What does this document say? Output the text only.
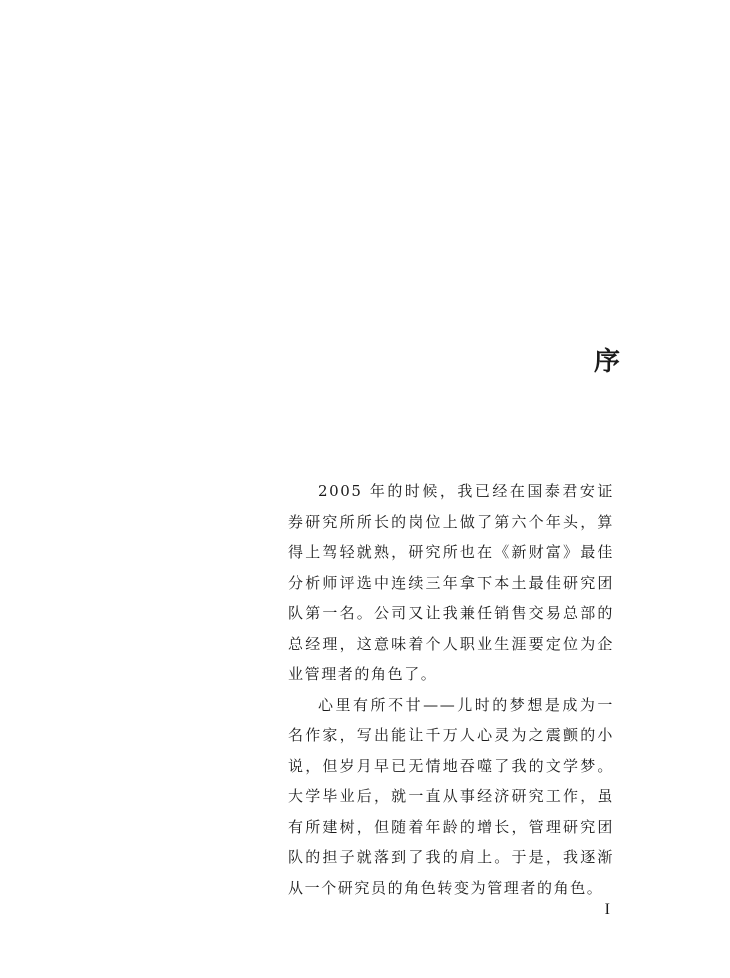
序

2005 年的时候，我已经在国泰君安证券研究所所长的岗位上做了第六个年头，算得上驾轻就熟，研究所也在《新财富》最佳分析师评选中连续三年拿下本土最佳研究团队第一名。公司又让我兼任销售交易总部的总经理，这意味着个人职业生涯要定位为企业管理者的角色了。

心里有所不甘——儿时的梦想是成为一名作家，写出能让千万人心灵为之震颤的小说，但岁月早已无情地吞噬了我的文学梦。大学毕业后，就一直从事经济研究工作，虽有所建树，但随着年龄的增长，管理研究团队的担子就落到了我的肩上。于是，我逐渐从一个研究员的角色转变为管理者的角色。

I
